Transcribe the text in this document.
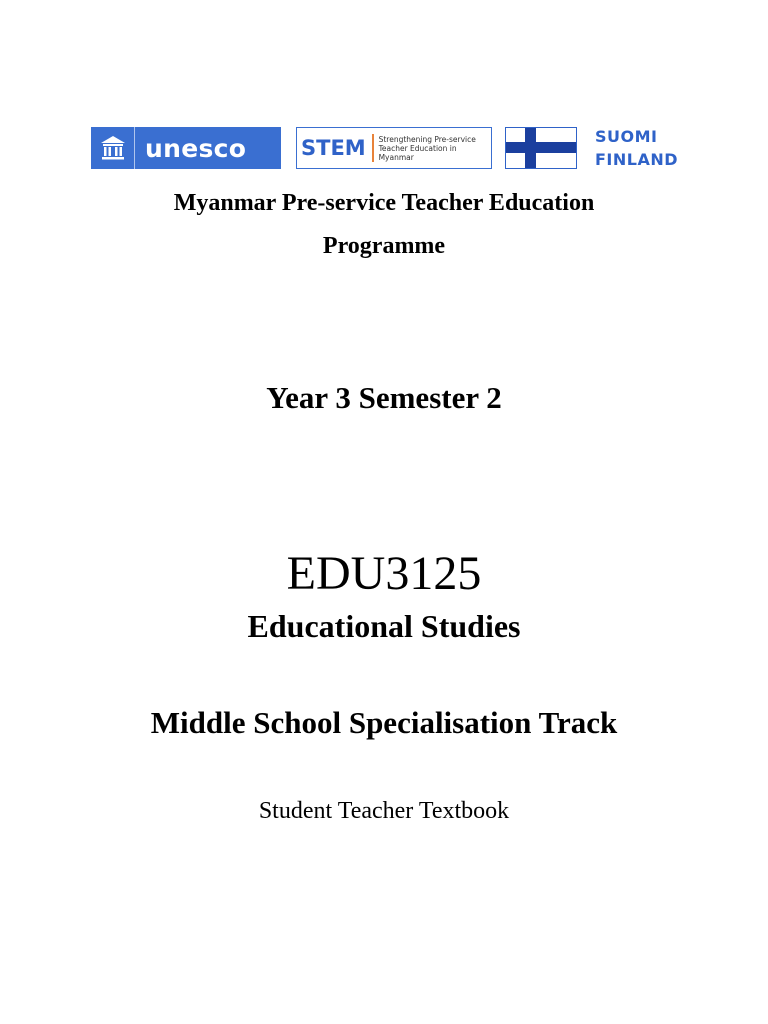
unesco	STEM	Strengthening Pre-service Teacher Education in Myanmar
SUOMI
FINLAND
Myanmar Pre-service Teacher Education Programme
Year 3 Semester 2
EDU3125
Educational Studies
Middle School Specialisation Track
Student Teacher Textbook
